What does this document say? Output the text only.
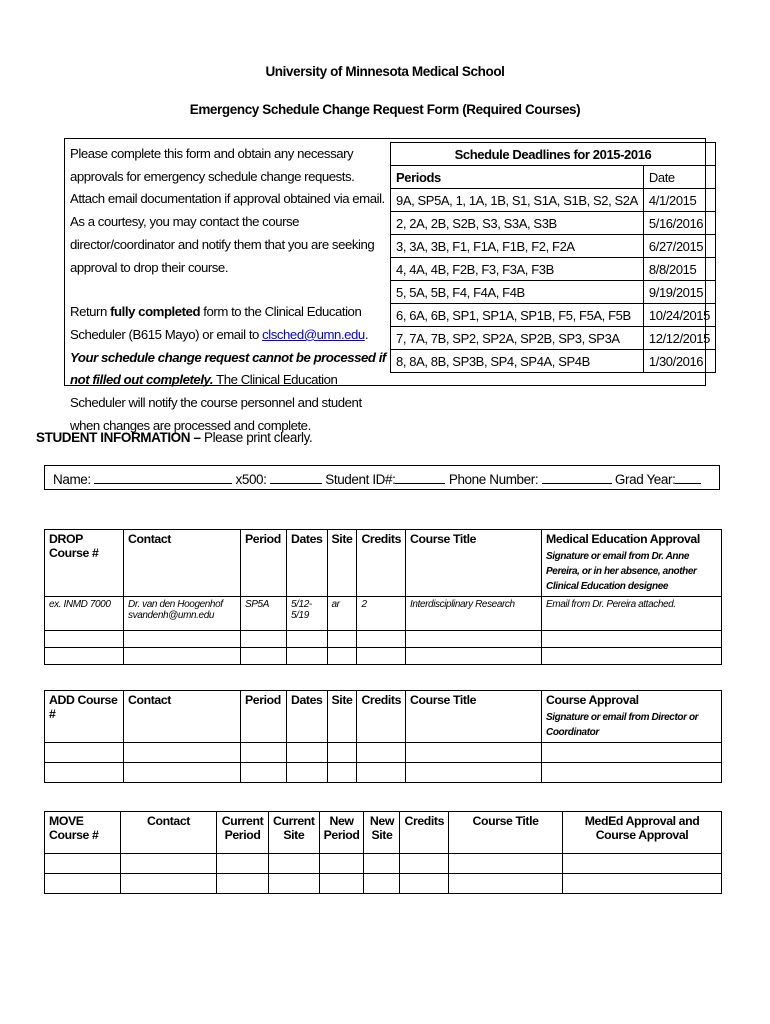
University of Minnesota Medical School
Emergency Schedule Change Request Form (Required Courses)

Please complete this form and obtain any necessary approvals for emergency schedule change requests. Attach email documentation if approval obtained via email. As a courtesy, you may contact the course director/coordinator and notify them that you are seeking approval to drop their course.

Return fully completed form to the Clinical Education Scheduler (B615 Mayo) or email to clsched@umn.edu. Your schedule change request cannot be processed if not filled out completely. The Clinical Education Scheduler will notify the course personnel and student when changes are processed and complete.

Schedule Deadlines for 2015-2016	
Periods	Date
9A, SP5A, 1, 1A, 1B, S1, S1A, S1B, S2, S2A	4/1/2015
2, 2A, 2B, S2B, S3, S3A, S3B	5/16/2016
3, 3A, 3B, F1, F1A, F1B, F2, F2A	6/27/2015
4, 4A, 4B, F2B, F3, F3A, F3B	8/8/2015
5, 5A, 5B, F4, F4A, F4B	9/19/2015
6, 6A, 6B, SP1, SP1A, SP1B, F5, F5A, F5B	10/24/2015
7, 7A, 7B, SP2, SP2A, SP2B, SP3, SP3A	12/12/2015
8, 8A, 8B, SP3B, SP4, SP4A, SP4B	1/30/2016
STUDENT INFORMATION – Please print clearly.
Name:	x500:	Student ID#:	Phone Number:	Grad Year:
DROP Course #	Contact	Period	Dates	Site	Credits	Course Title	Medical Education Approval
Signature or email from Dr. Anne Pereira, or in her absence, another Clinical Education designee

ex. INMD 7000	Dr. van den Hoogenhof svandenh@umn.edu	SP5A	5/12-5/19	ar	2	Interdisciplinary Research	Email from Dr. Pereira attached.

ADD Course #	Contact	Period	Dates	Site	Credits	Course Title	Course Approval
Signature or email from Director or Coordinator

MOVE Course #	Contact	Current Period	Current Site	New Period	New Site	Credits	Course Title	MedEd Approval and Course Approval
